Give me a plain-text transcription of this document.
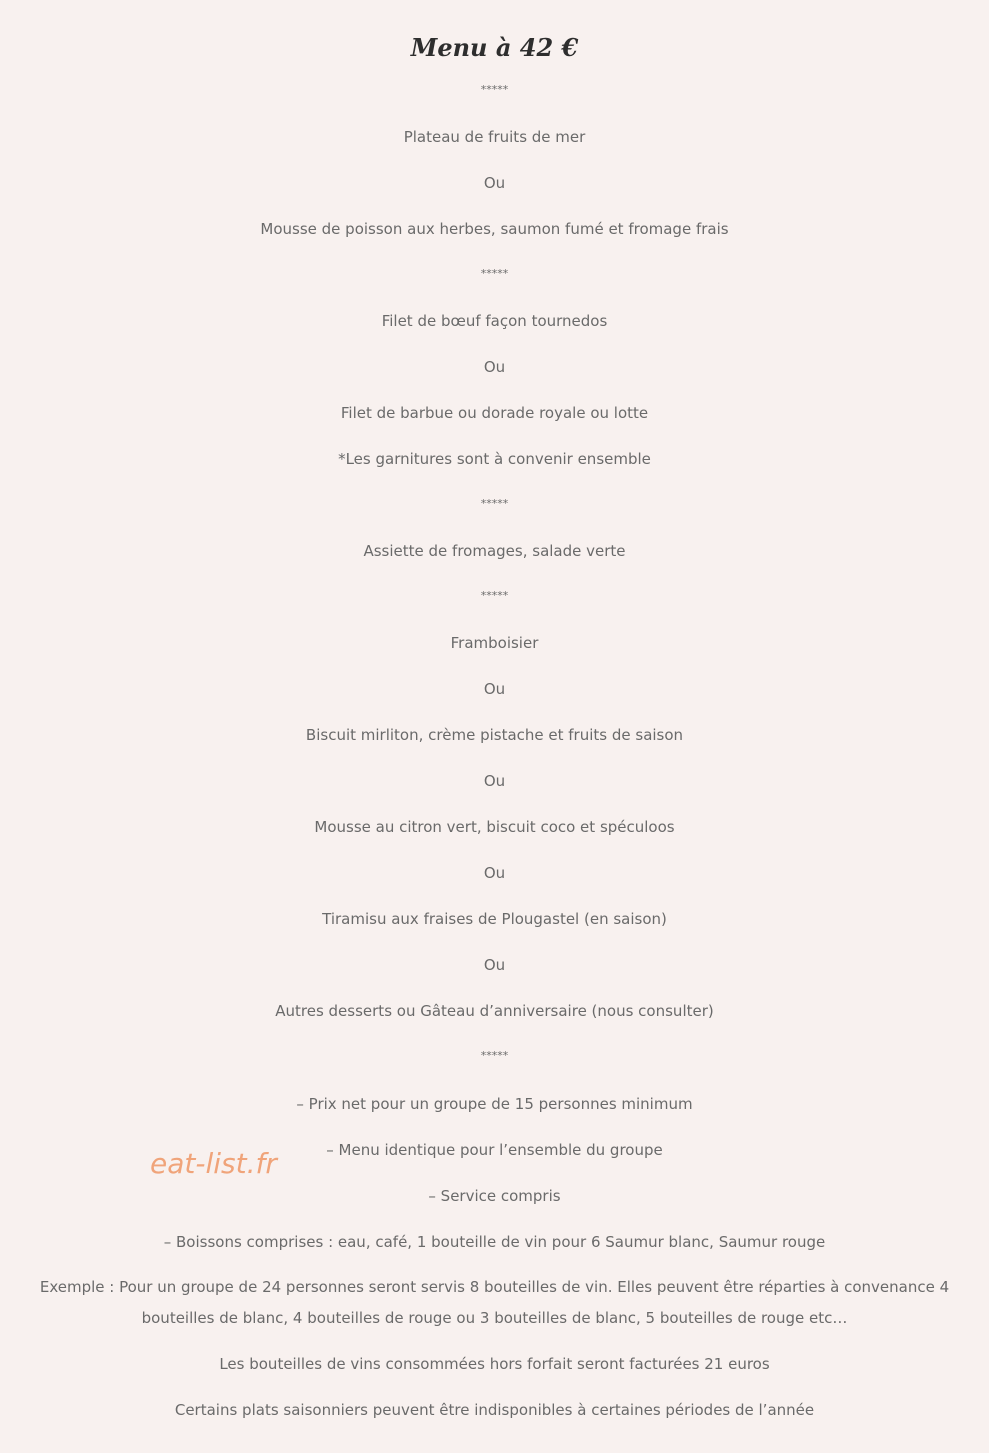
Menu à 42 €
*****
Plateau de fruits de mer
Ou
Mousse de poisson aux herbes, saumon fumé et fromage frais
*****
Filet de bœuf façon tournedos
Ou
Filet de barbue ou dorade royale ou lotte
*Les garnitures sont à convenir ensemble
*****
Assiette de fromages, salade verte
*****
Framboisier
Ou
Biscuit mirliton, crème pistache et fruits de saison
Ou
Mousse au citron vert, biscuit coco et spéculoos
Ou
Tiramisu aux fraises de Plougastel (en saison)
Ou
Autres desserts ou Gâteau d’anniversaire (nous consulter)
*****
– Prix net pour un groupe de 15 personnes minimum
– Menu identique pour l’ensemble du groupe
– Service compris
– Boissons comprises : eau, café, 1 bouteille de vin pour 6 Saumur blanc, Saumur rouge
Exemple : Pour un groupe de 24 personnes seront servis 8 bouteilles de vin. Elles peuvent être réparties à convenance 4 bouteilles de blanc, 4 bouteilles de rouge ou 3 bouteilles de blanc, 5 bouteilles de rouge etc…
Les bouteilles de vins consommées hors forfait seront facturées 21 euros
Certains plats saisonniers peuvent être indisponibles à certaines périodes de l’année
eat-list.fr
